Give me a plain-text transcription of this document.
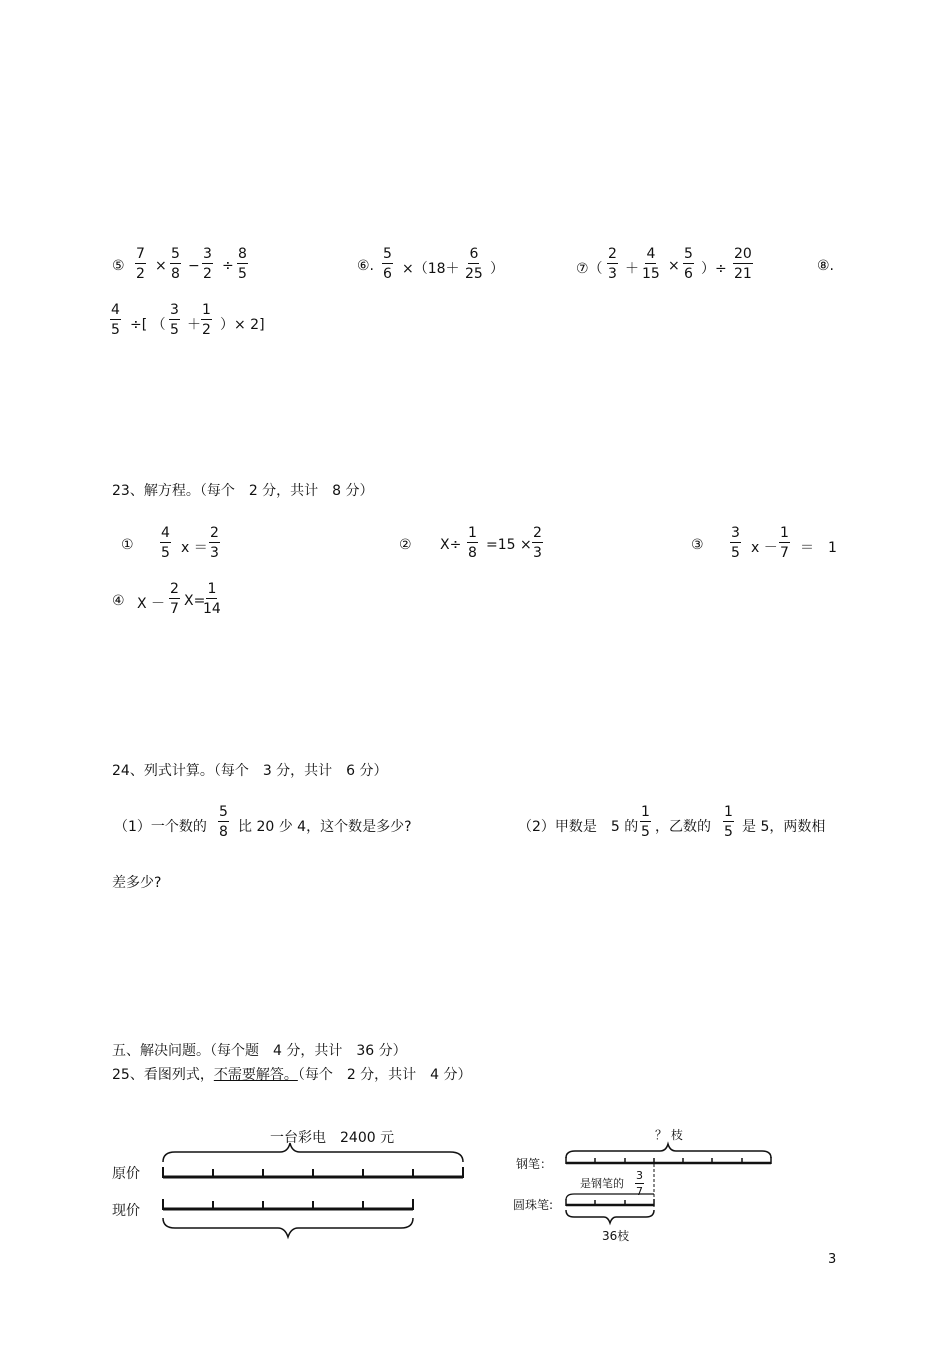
⑤ $\frac{7}{2} \times \frac{5}{8} - \frac{3}{2} \div \frac{8}{5}$	⑥. $\frac{5}{6} \times(18+ \frac{6}{25}$ ）	⑦（ $\frac{2}{3} + \frac{4}{15} \times \frac{5}{6}$ ）÷ $\frac{20}{21}$	⑧.
$\frac{4}{5}$ ÷[ （ $\frac{3}{5} + \frac{1}{2}$ ）× 2]
23、解方程。（每个　2 分，共计　8 分）
① $\frac{4}{5}$ $x = \frac{2}{3}$	② $X\div \frac{1}{8} =15 \times \frac{2}{3}$	③ $\frac{3}{5}$ $x - \frac{1}{7}$ ＝　1
④ $X - \frac{2}{7} X=$
$\frac{1}{14}$
24、列式计算。（每个　3 分，共计　6 分）
（1）一个数的 $\frac{5}{8}$ 比 20 少 4，这个数是多少?	（2）甲数是　5 的 $\frac{1}{5}$ ，乙数的 $\frac{1}{5}$ 是 5，两数相
差多少?
五、解决问题。（每个题　4 分，共计　36 分）
25、看图列式，不需要解答。（每个　2 分，共计　4 分）
一台彩电　2400 元
原价
现价
？ 枝
钢笔：
是钢笔的 $\frac{3}{7}$
圆珠笔:
36枝
3
